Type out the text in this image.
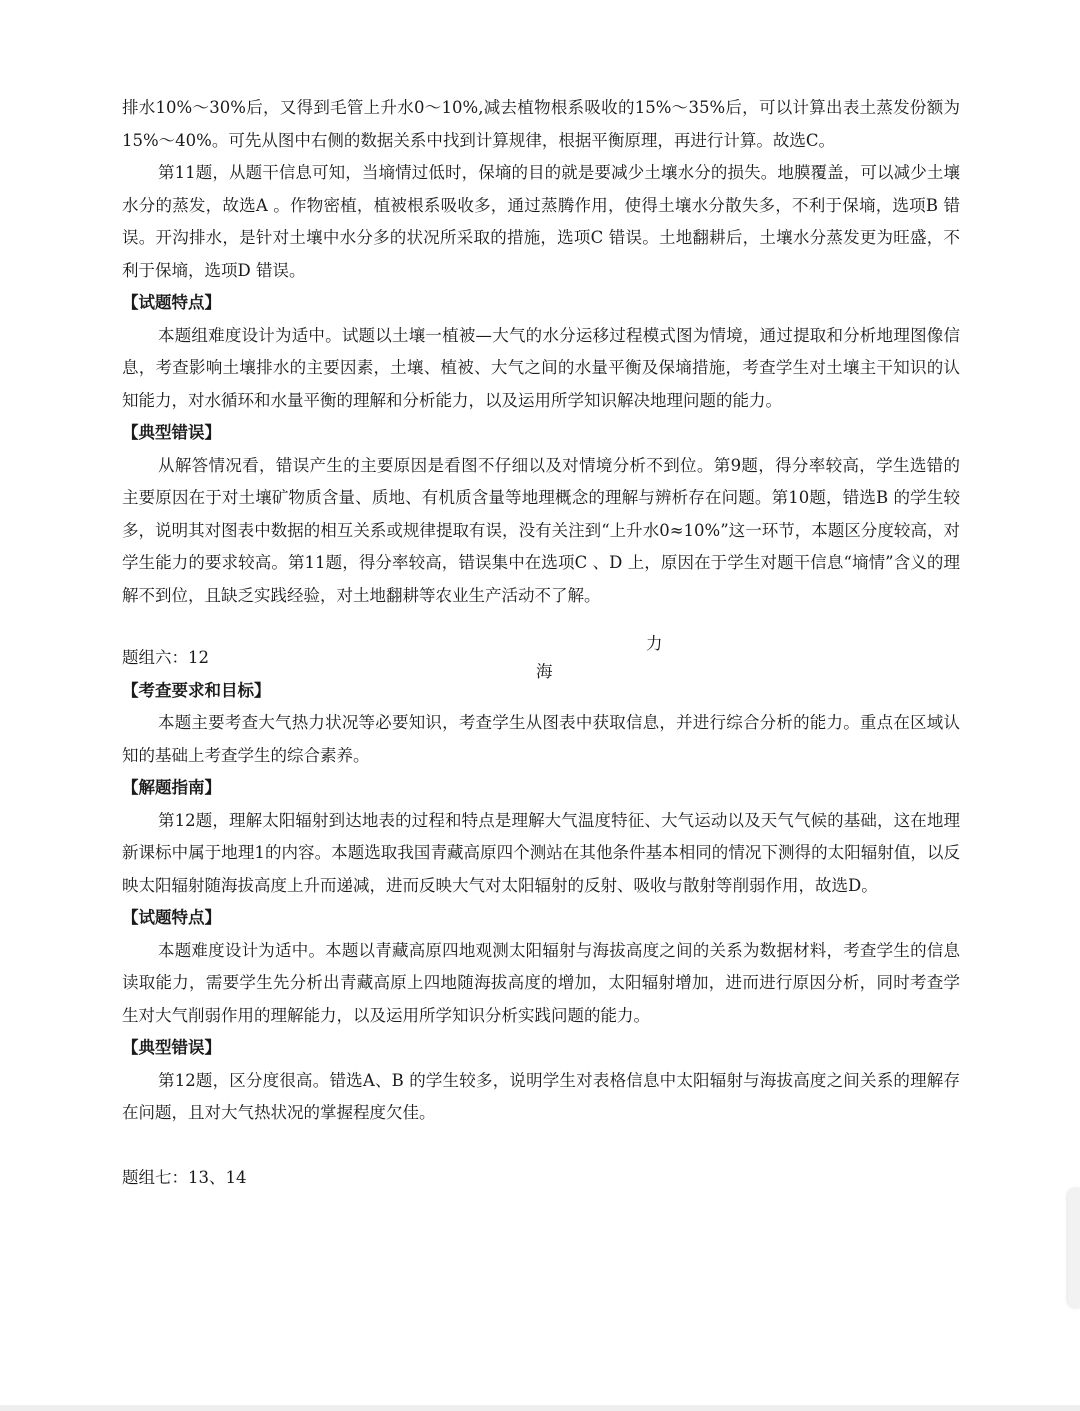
排水10%～30%后，又得到毛管上升水0～10%,减去植物根系吸收的15%～35%后，可以计算出表土蒸发份额为15%～40%。可先从图中右侧的数据关系中找到计算规律，根据平衡原理，再进行计算。故选C。

第11题，从题干信息可知，当墒情过低时，保墒的目的就是要减少土壤水分的损失。地膜覆盖，可以减少土壤水分的蒸发，故选A 。作物密植，植被根系吸收多，通过蒸腾作用，使得土壤水分散失多，不利于保墒，选项B 错误。开沟排水，是针对土壤中水分多的状况所采取的措施，选项C 错误。土地翻耕后，土壤水分蒸发更为旺盛，不利于保墒，选项D 错误。

【试题特点】

本题组难度设计为适中。试题以土壤一植被—大气的水分运移过程模式图为情境，通过提取和分析地理图像信息，考查影响土壤排水的主要因素，土壤、植被、大气之间的水量平衡及保墒措施，考查学生对土壤主干知识的认知能力，对水循环和水量平衡的理解和分析能力，以及运用所学知识解决地理问题的能力。

【典型错误】

从解答情况看，错误产生的主要原因是看图不仔细以及对情境分析不到位。第9题，得分率较高，学生选错的主要原因在于对土壤矿物质含量、质地、有机质含量等地理概念的理解与辨析存在问题。第10题，错选B 的学生较多，说明其对图表中数据的相互关系或规律提取有误，没有关注到“上升水0≈10%”这一环节，本题区分度较高，对学生能力的要求较高。第11题，得分率较高，错误集中在选项C 、D 上，原因在于学生对题干信息“墒情”含义的理解不到位，且缺乏实践经验，对土地翻耕等农业生产活动不了解。

题组六：12
力
海

【考查要求和目标】

本题主要考查大气热力状况等必要知识，考查学生从图表中获取信息，并进行综合分析的能力。重点在区域认知的基础上考查学生的综合素养。

【解题指南】

第12题，理解太阳辐射到达地表的过程和特点是理解大气温度特征、大气运动以及天气气候的基础，这在地理新课标中属于地理1的内容。本题选取我国青藏高原四个测站在其他条件基本相同的情况下测得的太阳辐射值，以反映太阳辐射随海拔高度上升而递减，进而反映大气对太阳辐射的反射、吸收与散射等削弱作用，故选D。

【试题特点】

本题难度设计为适中。本题以青藏高原四地观测太阳辐射与海拔高度之间的关系为数据材料，考查学生的信息读取能力，需要学生先分析出青藏高原上四地随海拔高度的增加，太阳辐射增加，进而进行原因分析，同时考查学生对大气削弱作用的理解能力，以及运用所学知识分析实践问题的能力。

【典型错误】

第12题，区分度很高。错选A、B 的学生较多，说明学生对表格信息中太阳辐射与海拔高度之间关系的理解存在问题，且对大气热状况的掌握程度欠佳。

题组七：13、14
